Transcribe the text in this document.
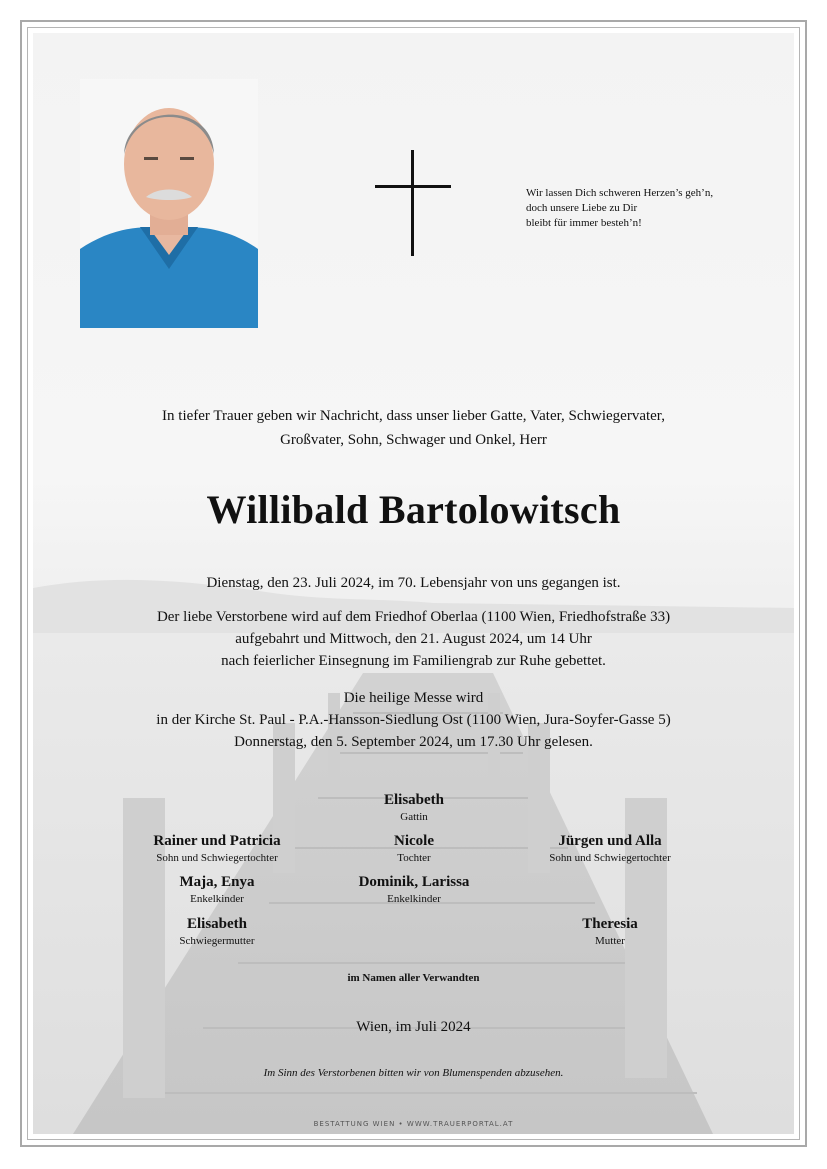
Wir lassen Dich schweren Herzen’s geh’n,
doch unsere Liebe zu Dir
bleibt für immer besteh’n!
In tiefer Trauer geben wir Nachricht, dass unser lieber Gatte, Vater, Schwiegervater,
Großvater, Sohn, Schwager und Onkel, Herr
Willibald Bartolowitsch
Dienstag, den 23. Juli 2024, im 70. Lebensjahr von uns gegangen ist.
Der liebe Verstorbene wird auf dem Friedhof Oberlaa (1100 Wien, Friedhofstraße 33)
aufgebahrt und Mittwoch, den 21. August 2024, um 14 Uhr
nach feierlicher Einsegnung im Familiengrab zur Ruhe gebettet.
Die heilige Messe wird
in der Kirche St. Paul - P.A.-Hansson-Siedlung Ost (1100 Wien, Jura-Soyfer-Gasse 5)
Donnerstag, den 5. September 2024, um 17.30 Uhr gelesen.
Elisabeth
Gattin
Rainer und Patricia
Sohn und Schwiegertochter
Nicole
Tochter
Jürgen und Alla
Sohn und Schwiegertochter
Maja, Enya
Enkelkinder
Dominik, Larissa
Enkelkinder
Elisabeth
Schwiegermutter
Theresia
Mutter
im Namen aller Verwandten
Wien, im Juli 2024
Im Sinn des Verstorbenen bitten wir von Blumenspenden abzusehen.
BESTATTUNG WIEN • WWW.TRAUERPORTAL.AT
